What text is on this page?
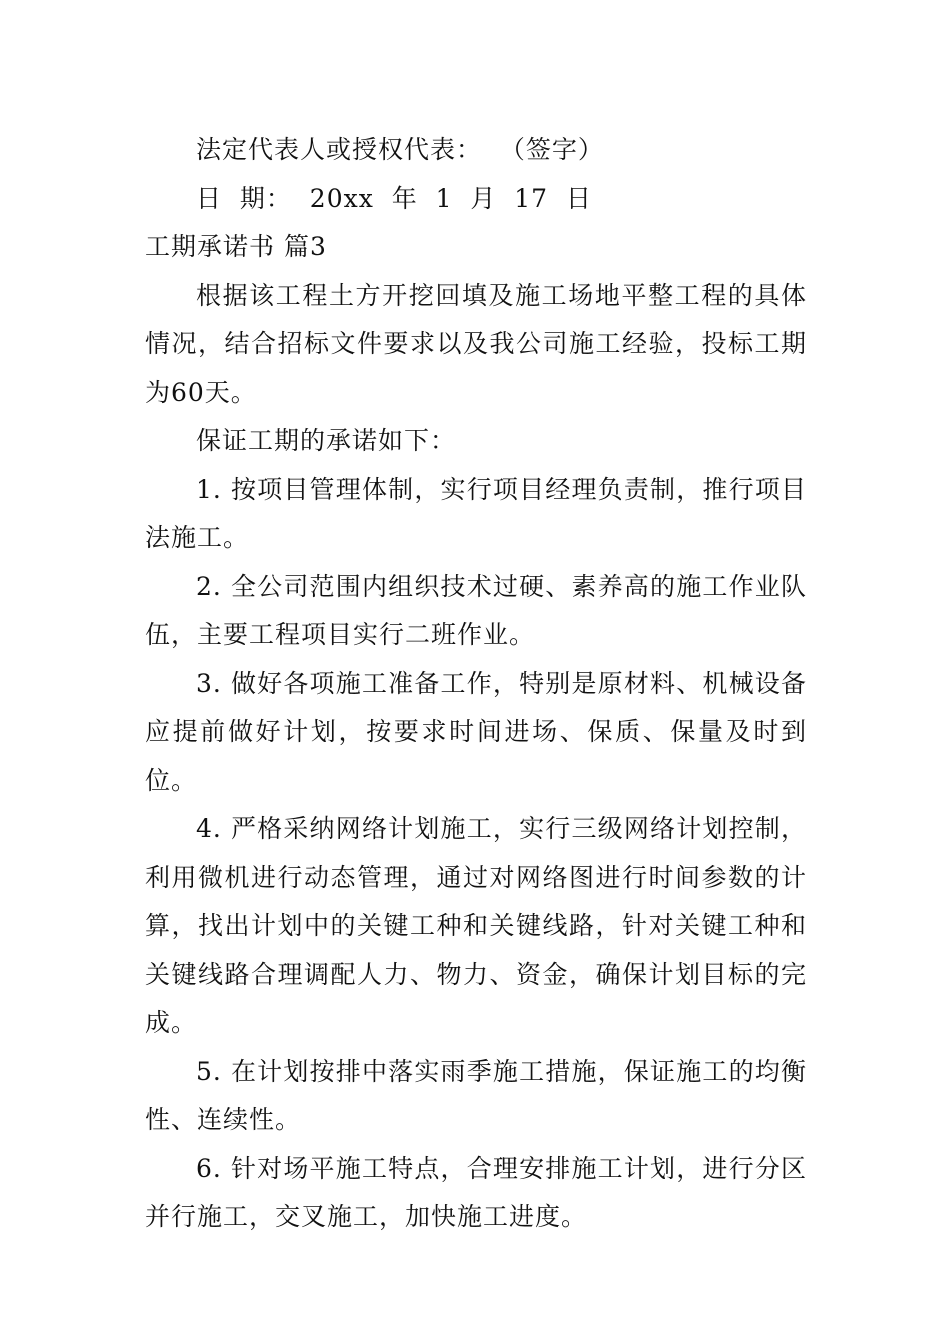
法定代表人或授权代表：  （签字）
日  期：  20xx  年  1  月  17  日
工期承诺书 篇3

根据该工程土方开挖回填及施工场地平整工程的具体情况，结合招标文件要求以及我公司施工经验，投标工期为60天。

保证工期的承诺如下：

1. 按项目管理体制，实行项目经理负责制，推行项目法施工。

2. 全公司范围内组织技术过硬、素养高的施工作业队伍，主要工程项目实行二班作业。

3. 做好各项施工准备工作，特别是原材料、机械设备应提前做好计划，按要求时间进场、保质、保量及时到位。

4. 严格采纳网络计划施工，实行三级网络计划控制，利用微机进行动态管理，通过对网络图进行时间参数的计算，找出计划中的关键工种和关键线路，针对关键工种和关键线路合理调配人力、物力、资金，确保计划目标的完成。

5. 在计划按排中落实雨季施工措施，保证施工的均衡性、连续性。

6. 针对场平施工特点，合理安排施工计划，进行分区并行施工，交叉施工，加快施工进度。
